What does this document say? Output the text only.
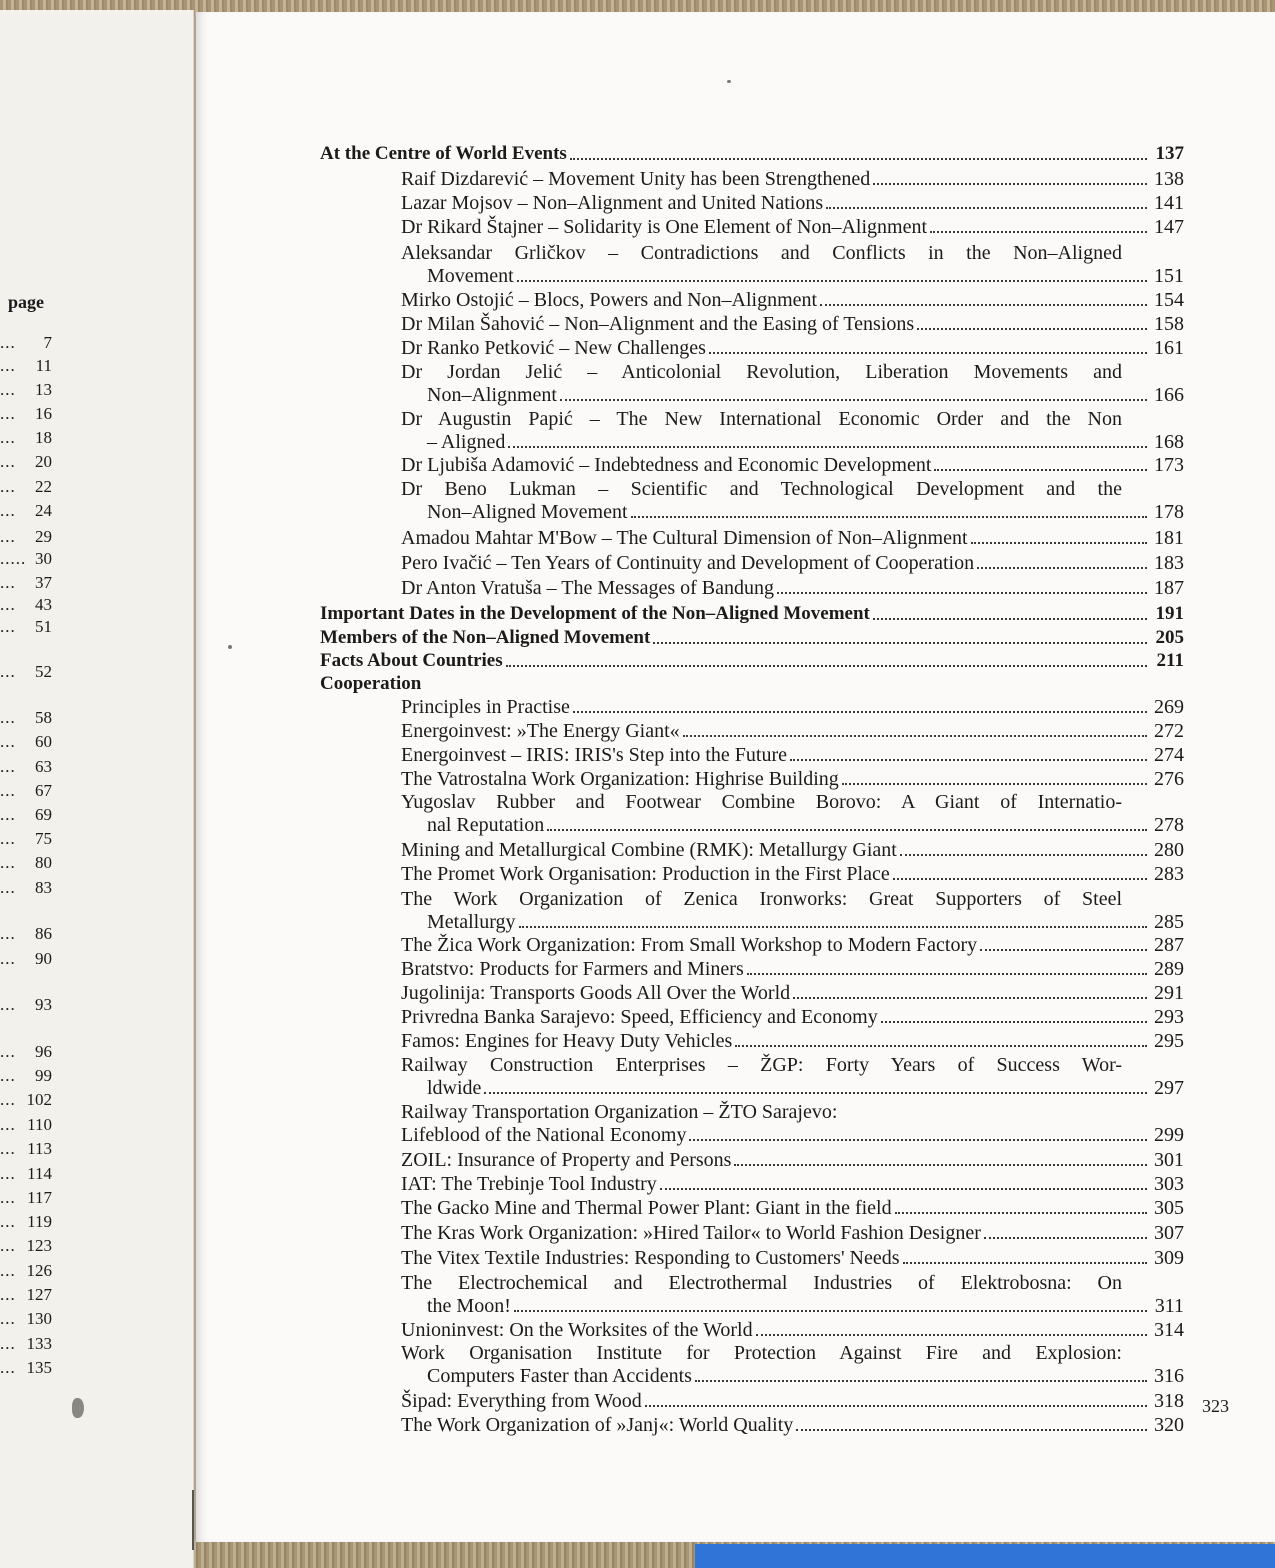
page
... 7
... 11
... 13
... 16
... 18
... 20
... 22
... 24
... 29
..... 30
... 37
... 43
... 51
... 52
... 58
... 60
... 63
... 67
... 69
... 75
... 80
... 83
... 86
... 90
... 93
... 96
... 99
... 102
... 110
... 113
... 114
... 117
... 119
... 123
... 126
... 127
... 130
... 133
... 135
At the Centre of World Events	137
Raif Dizdarević – Movement Unity has been Strengthened	138
Lazar Mojsov – Non–Alignment and United Nations	141
Dr Rikard Štajner – Solidarity is One Element of Non–Alignment	147
Aleksandar Grličkov – Contradictions and Conflicts in the Non–Aligned
Movement	151
Mirko Ostojić – Blocs, Powers and Non–Alignment	154
Dr Milan Šahović – Non–Alignment and the Easing of Tensions	158
Dr Ranko Petković – New Challenges	161
Dr Jordan Jelić – Anticolonial Revolution, Liberation Movements and
Non–Alignment	166
Dr Augustin Papić – The New International Economic Order and the Non
– Aligned	168
Dr Ljubiša Adamović – Indebtedness and Economic Development	173
Dr Beno Lukman – Scientific and Technological Development and the
Non–Aligned Movement	178
Amadou Mahtar M'Bow – The Cultural Dimension of Non–Alignment	181
Pero Ivačić – Ten Years of Continuity and Development of Cooperation	183
Dr Anton Vratuša – The Messages of Bandung	187
Important Dates in the Development of the Non–Aligned Movement	191
Members of the Non–Aligned Movement	205
Facts About Countries	211
Cooperation
Principles in Practise	269
Energoinvest: »The Energy Giant«	272
Energoinvest – IRIS: IRIS's Step into the Future	274
The Vatrostalna Work Organization: Highrise Building	276
Yugoslav Rubber and Footwear Combine Borovo: A Giant of Internatio-
nal Reputation	278
Mining and Metallurgical Combine (RMK): Metallurgy Giant	280
The Promet Work Organisation: Production in the First Place	283
The Work Organization of Zenica Ironworks: Great Supporters of Steel
Metallurgy	285
The Žica Work Organization: From Small Workshop to Modern Factory	287
Bratstvo: Products for Farmers and Miners	289
Jugolinija: Transports Goods All Over the World	291
Privredna Banka Sarajevo: Speed, Efficiency and Economy	293
Famos: Engines for Heavy Duty Vehicles	295
Railway Construction Enterprises – ŽGP: Forty Years of Success Wor-
ldwide	297
Railway Transportation Organization – ŽTO Sarajevo:
Lifeblood of the National Economy	299
ZOIL: Insurance of Property and Persons	301
IAT: The Trebinje Tool Industry	303
The Gacko Mine and Thermal Power Plant: Giant in the field	305
The Kras Work Organization: »Hired Tailor« to World Fashion Designer	307
The Vitex Textile Industries: Responding to Customers' Needs	309
The Electrochemical and Electrothermal Industries of Elektrobosna: On
the Moon!	311
Unioninvest: On the Worksites of the World	314
Work Organisation Institute for Protection Against Fire and Explosion:
Computers Faster than Accidents	316
Šipad: Everything from Wood	318
The Work Organization of »Janj«: World Quality	320
323
